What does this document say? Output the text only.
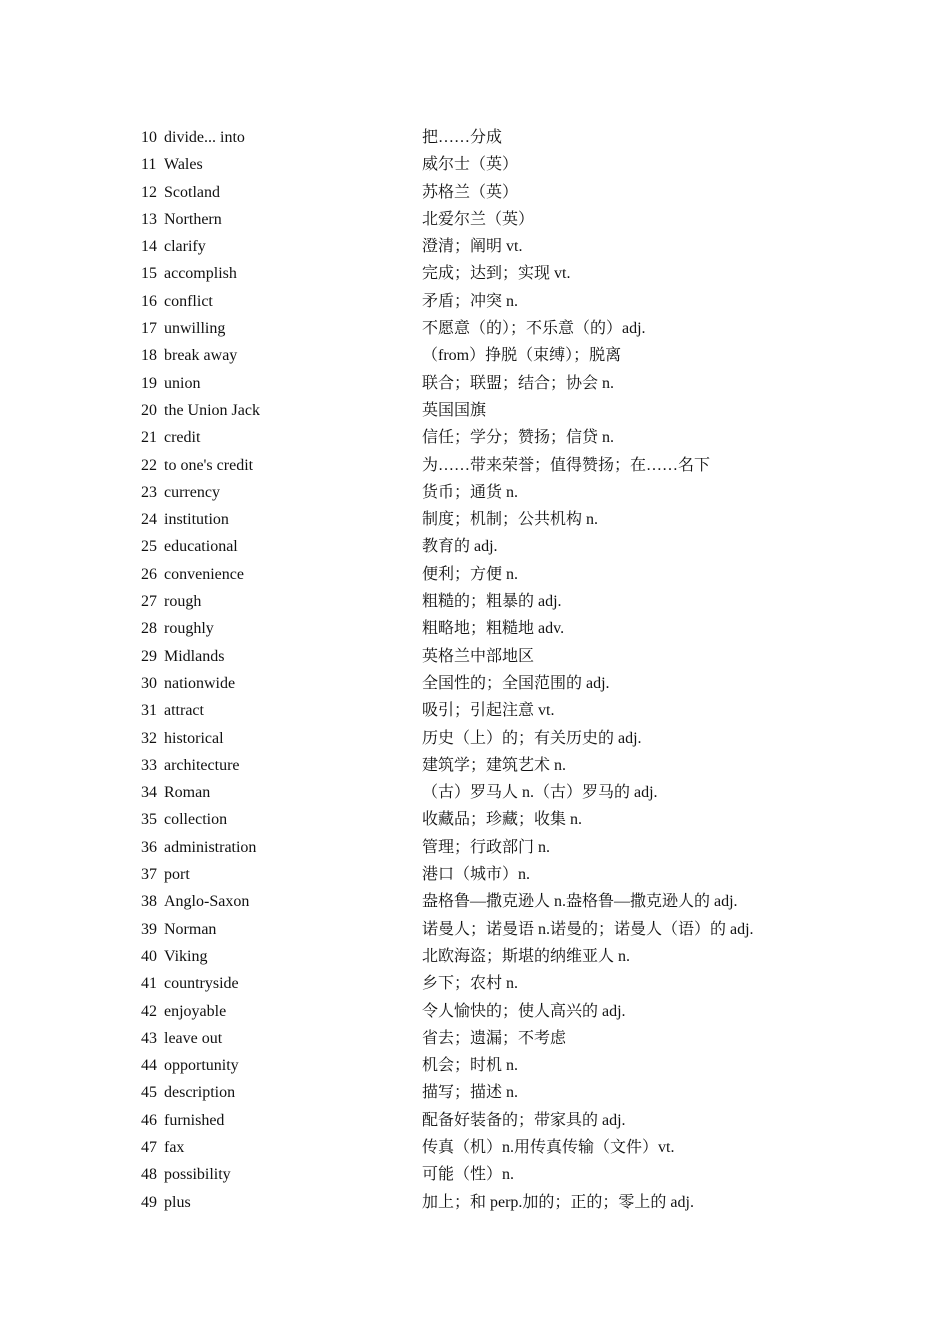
10 divide... into	把……分成
11 Wales	威尔士（英）
12 Scotland	苏格兰（英）
13 Northern	北爱尔兰（英）
14 clarify	澄清；阐明 vt.
15 accomplish	完成；达到；实现 vt.
16 conflict	矛盾；冲突 n.
17 unwilling	不愿意（的）；不乐意（的）adj.
18 break away	（from）挣脱（束缚）；脱离
19 union	联合；联盟；结合；协会 n.
20 the Union Jack	英国国旗
21 credit	信任；学分；赞扬；信贷 n.
22 to one's credit	为……带来荣誉；值得赞扬；在……名下
23 currency	货币；通货 n.
24 institution	制度；机制；公共机构 n.
25 educational	教育的 adj.
26 convenience	便利；方便 n.
27 rough	粗糙的；粗暴的 adj.
28 roughly	粗略地；粗糙地 adv.
29 Midlands	英格兰中部地区
30 nationwide	全国性的；全国范围的 adj.
31 attract	吸引；引起注意 vt.
32 historical	历史（上）的；有关历史的 adj.
33 architecture	建筑学；建筑艺术 n.
34 Roman	（古）罗马人 n.（古）罗马的 adj.
35 collection	收藏品；珍藏；收集 n.
36 administration	管理；行政部门 n.
37 port	港口（城市）n.
38 Anglo-Saxon	盎格鲁—撒克逊人 n.盎格鲁—撒克逊人的 adj.
39 Norman	诺曼人；诺曼语 n.诺曼的；诺曼人（语）的 adj.
40 Viking	北欧海盗；斯堪的纳维亚人 n.
41 countryside	乡下；农村 n.
42 enjoyable	令人愉快的；使人高兴的 adj.
43 leave out	省去；遗漏；不考虑
44 opportunity	机会；时机 n.
45 description	描写；描述 n.
46 furnished	配备好装备的；带家具的 adj.
47 fax	传真（机）n.用传真传输（文件）vt.
48 possibility	可能（性）n.
49 plus	加上；和 perp.加的；正的；零上的 adj.
